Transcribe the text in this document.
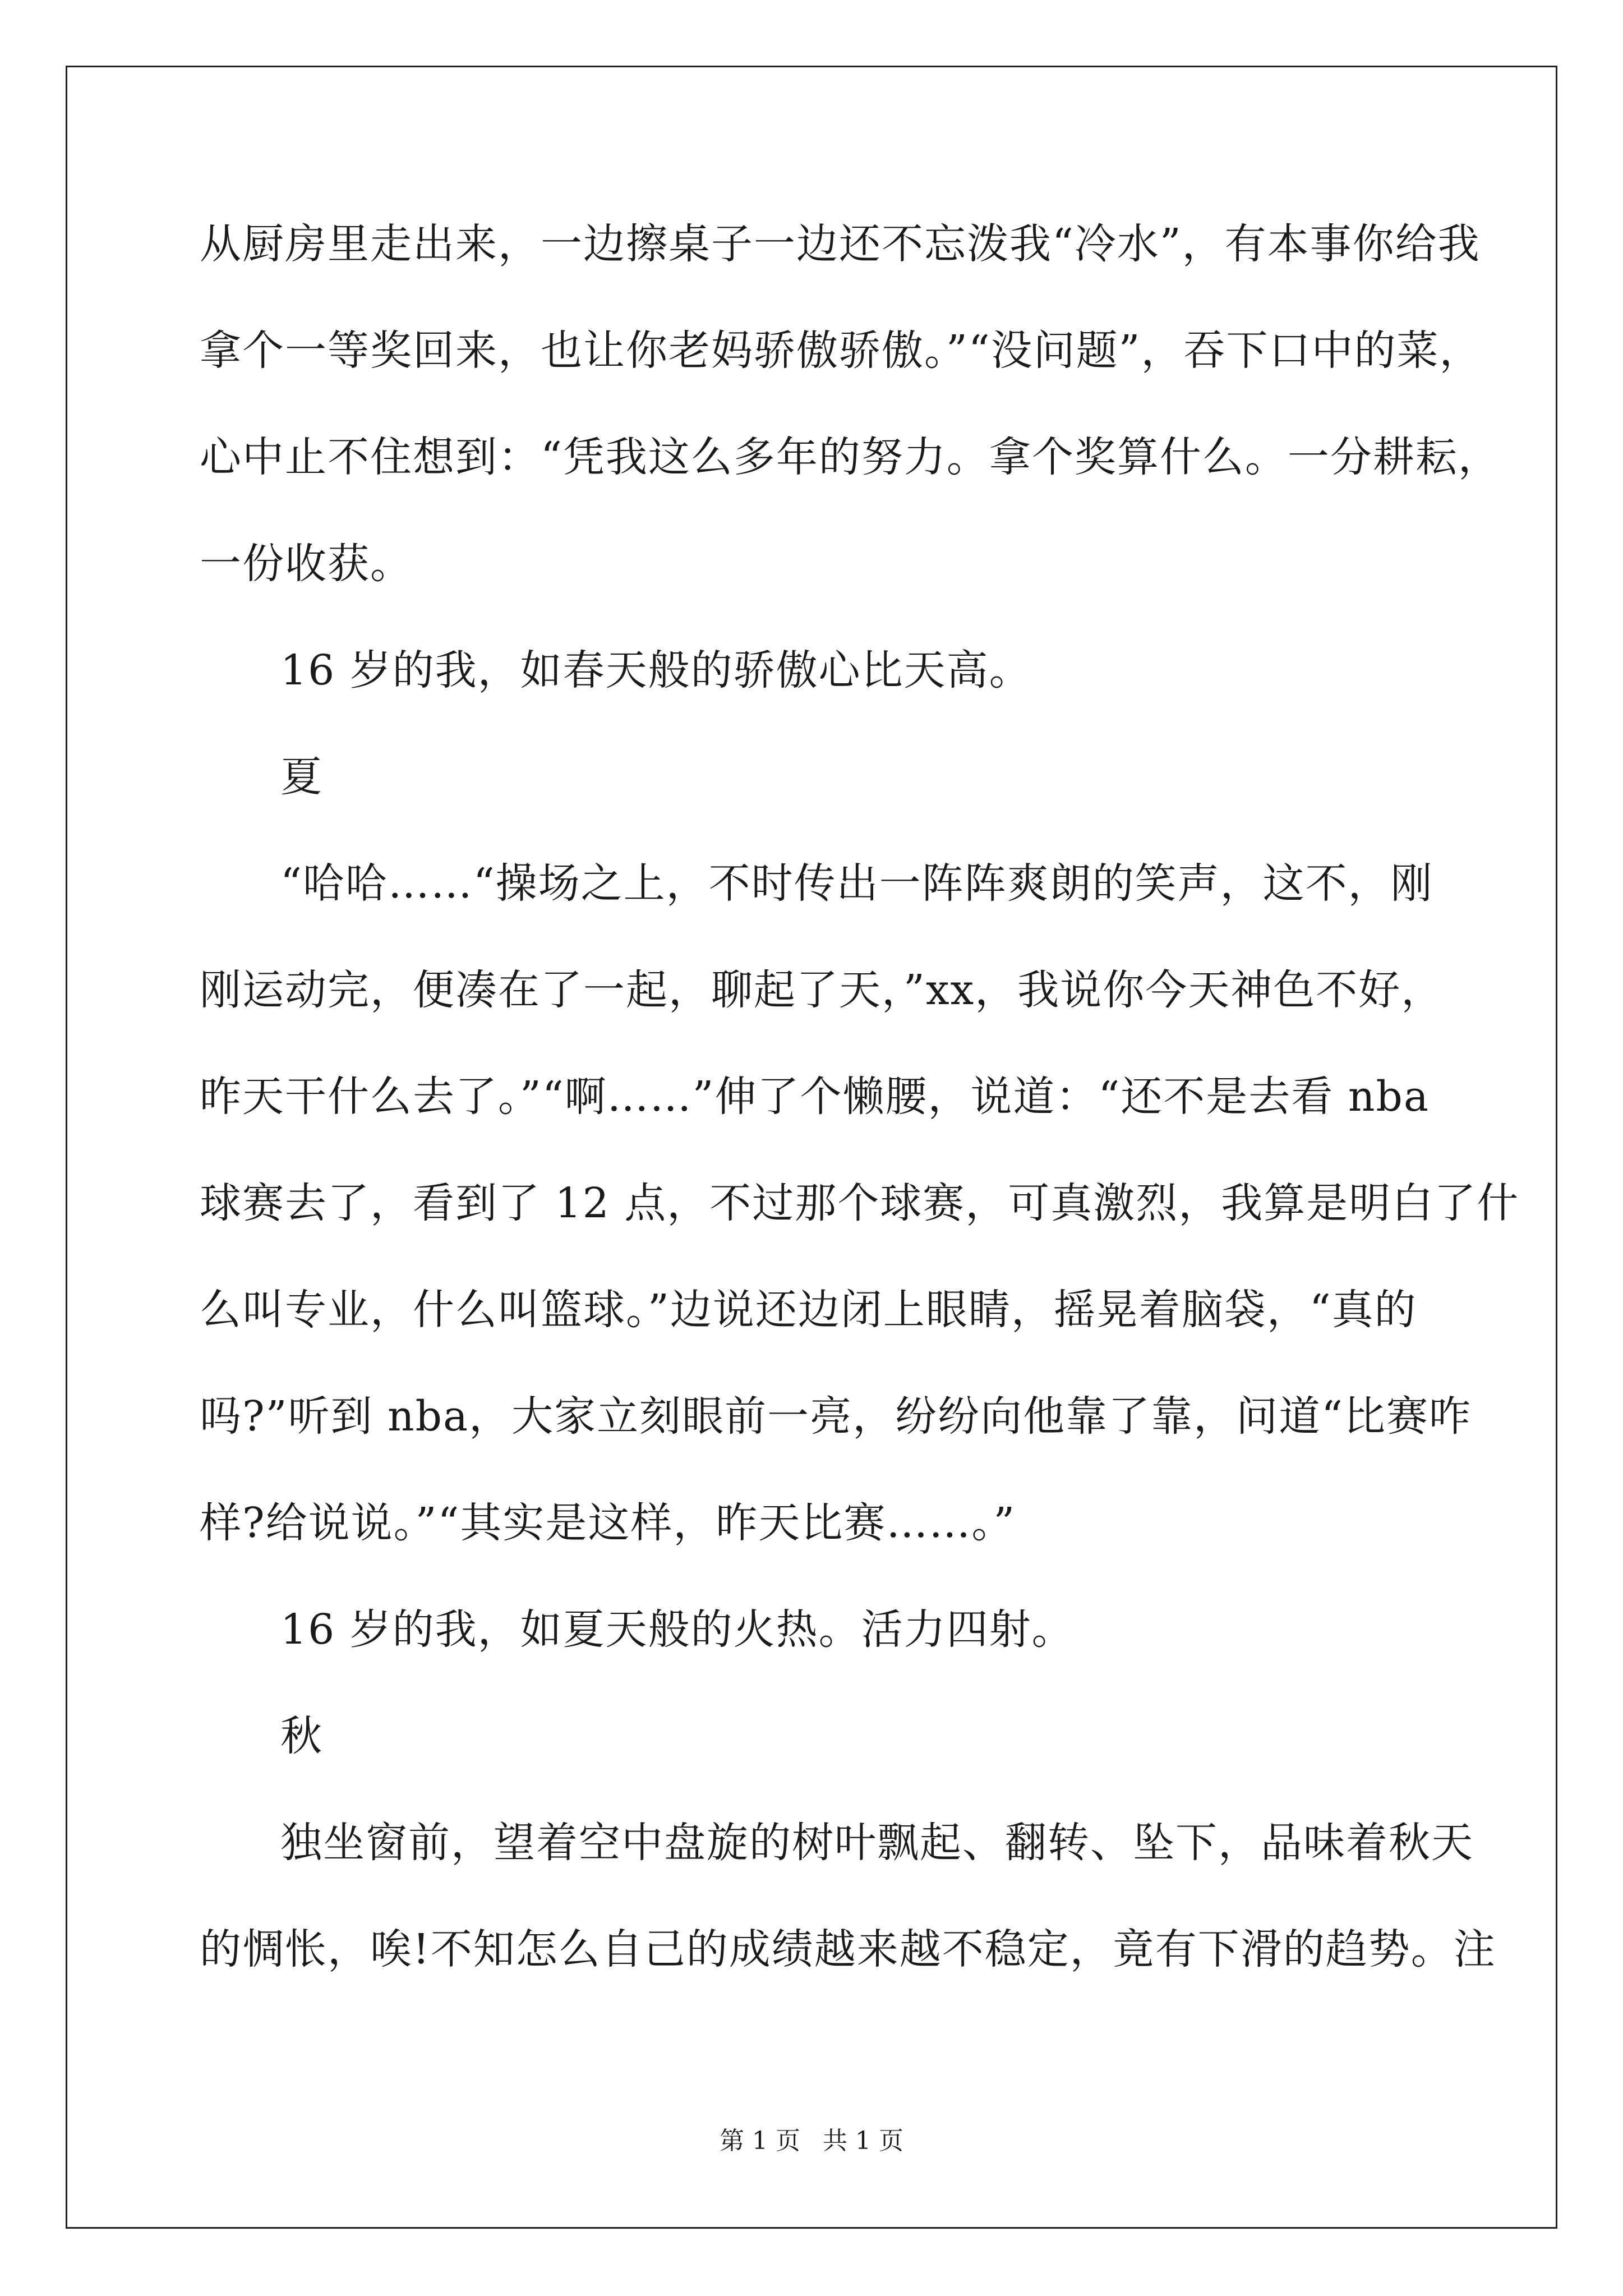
从厨房里走出来，一边擦桌子一边还不忘泼我“冷水”，有本事你给我
拿个一等奖回来，也让你老妈骄傲骄傲。”“没问题”，吞下口中的菜，
心中止不住想到：“凭我这么多年的努力。拿个奖算什么。一分耕耘，
一份收获。
16 岁的我，如春天般的骄傲心比天高。
夏
“哈哈……“操场之上，不时传出一阵阵爽朗的笑声，这不，刚
刚运动完，便凑在了一起，聊起了天，”xx，我说你今天神色不好，
昨天干什么去了。”“啊……”伸了个懒腰，说道：“还不是去看 nba
球赛去了，看到了 12 点，不过那个球赛，可真激烈，我算是明白了什
么叫专业，什么叫篮球。”边说还边闭上眼睛，摇晃着脑袋，“真的
吗?”听到 nba，大家立刻眼前一亮，纷纷向他靠了靠，问道“比赛咋
样?给说说。”“其实是这样，昨天比赛……。”
16 岁的我，如夏天般的火热。活力四射。
秋
独坐窗前，望着空中盘旋的树叶飘起、翻转、坠下，品味着秋天
的惆怅，唉!不知怎么自己的成绩越来越不稳定，竟有下滑的趋势。注
第 1 页 共 1 页
